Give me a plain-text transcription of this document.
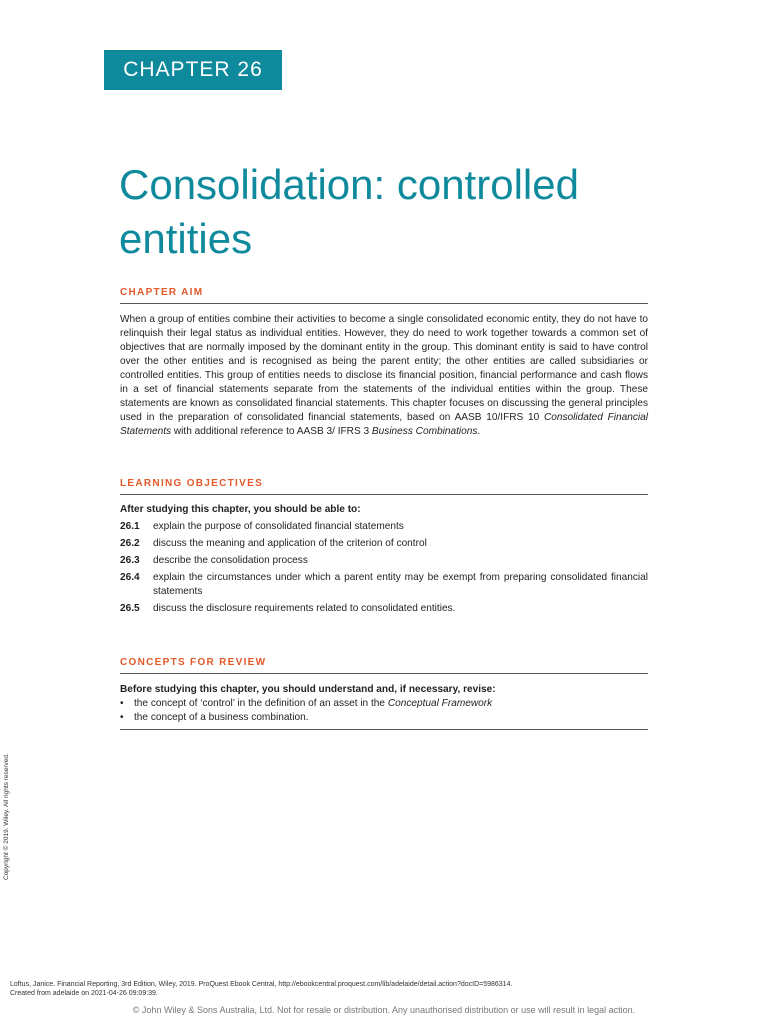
CHAPTER 26
Consolidation: controlled
entities
CHAPTER AIM

When a group of entities combine their activities to become a single consolidated economic entity, they do not have to relinquish their legal status as individual entities. However, they do need to work together towards a common set of objectives that are normally imposed by the dominant entity in the group. This dominant entity is said to have control over the other entities and is recognised as being the parent entity; the other entities are called subsidiaries or controlled entities. This group of entities needs to disclose its financial position, financial performance and cash flows in a set of financial statements separate from the statements of the individual entities within the group. These statements are known as consolidated financial statements. This chapter focuses on discussing the general principles used in the preparation of consolidated financial statements, based on AASB 10/IFRS 10 Consolidated Financial Statements with additional reference to AASB 3/ IFRS 3 Business Combinations.

LEARNING OBJECTIVES

After studying this chapter, you should be able to:

26.1	explain the purpose of consolidated financial statements
26.2	discuss the meaning and application of the criterion of control
26.3	describe the consolidation process
26.4	explain the circumstances under which a parent entity may be exempt from preparing consolidated financial statements
26.5	discuss the disclosure requirements related to consolidated entities.
CONCEPTS FOR REVIEW

Before studying this chapter, you should understand and, if necessary, revise:

•	the concept of ‘control’ in the definition of an asset in the Conceptual Framework
•	the concept of a business combination.
Copyright © 2019. Wiley. All rights reserved.
Loftus, Janice. Financial Reporting, 3rd Edition, Wiley, 2019. ProQuest Ebook Central, http://ebookcentral.proquest.com/lib/adelaide/detail.action?docID=5986314.
Created from adelaide on 2021-04-26 09:09:39.
© John Wiley & Sons Australia, Ltd. Not for resale or distribution. Any unauthorised distribution or use will result in legal action.
